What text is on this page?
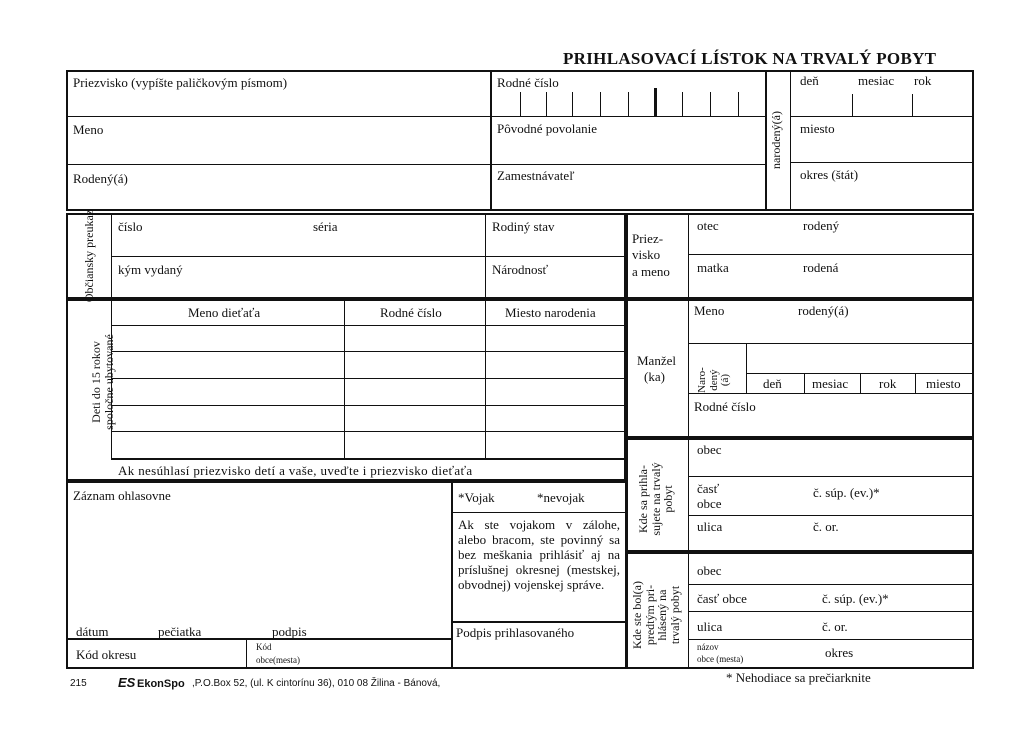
PRIHLASOVACÍ LÍSTOK NA TRVALÝ POBYT
Priezvisko (vypíšte paličkovým písmom)
Meno
Rodený(á)
Rodné číslo
Pôvodné povolanie
Zamestnávateľ
narodený(á)
deň	mesiac rok
miesto
okres (štát)
Občiansky preukaz číslo	séria
kým vydaný
Rodiný stav
Národnosť
Priez-
visko
a meno
otec	rodený
matka	rodená
Deti do 15 rokov
spoločne ubytované
Meno dieťaťa	Rodné číslo	Miesto narodenia
Ak nesúhlasí priezvisko detí a vaše, uveďte i priezvisko dieťaťa
Manžel
(ka)
Meno	rodený(á)
Naro-
dený
(á)	deň mesiac rok miesto
Rodné číslo
Záznam ohlasovne
dátum	pečiatka	podpis
Kód okresu	Kód
obce(mesta)
*Vojak	*nevojak
Ak ste vojakom v zálohe, alebo bracom, ste povinný sa bez meškania prihlásiť aj na príslušnej okresnej (mestskej, obvodnej) vojenskej správe.
Podpis prihlasovaného
Kde sa prihla-
sujete na trvalý
pobyt
obec
časť
obce
č. súp. (ev.)*
ulica	č. or.
Kde ste bol(a)
predtým pri-
hlásený na
trvalý pobyt
obec
časť obce	č. súp. (ev.)*
ulica	č. or.
názov
obce (mesta)	okres
215 ES EkonSpo ,P.O.Box 52, (ul. K cintorínu 36), 010 08 Žilina - Bánová,	* Nehodiace sa prečiarknite
